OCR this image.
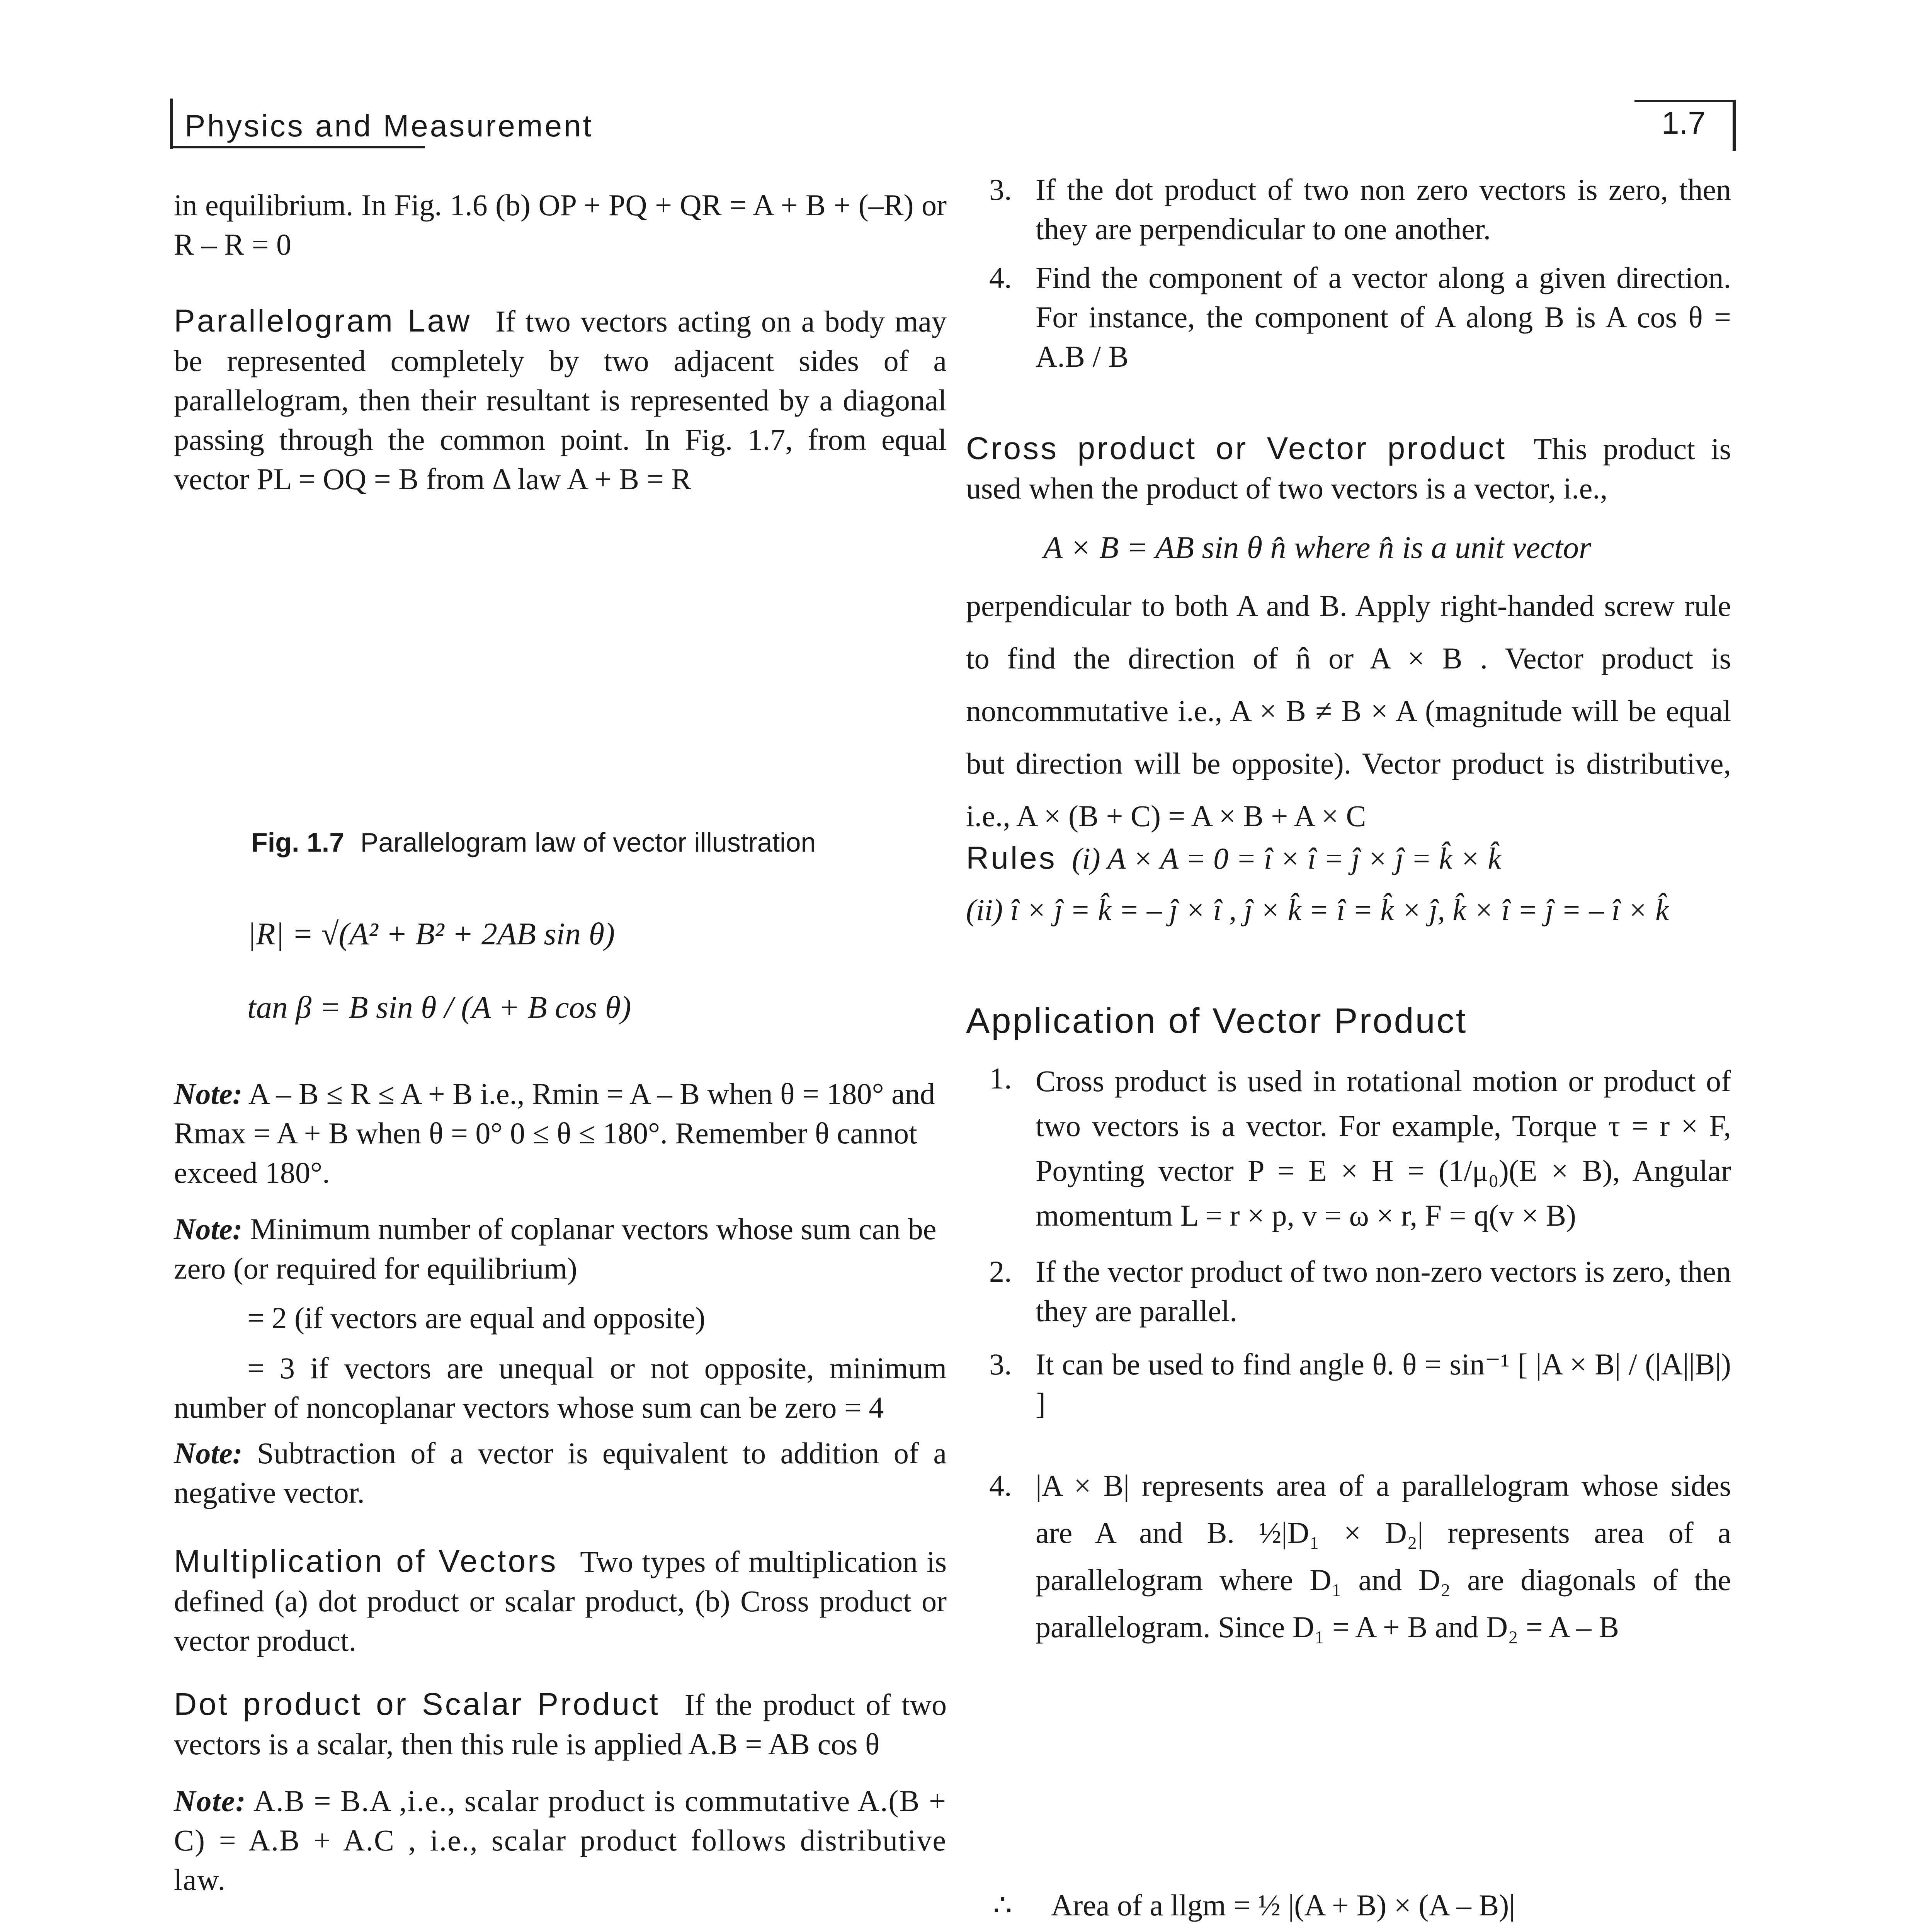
Physics and Measurement	1.7
in equilibrium. In Fig. 1.6 (b) OP + PQ + QR = A + B + (–R) or R – R = 0
Parallelogram Law If two vectors acting on a body may be represented completely by two adjacent sides of a parallelogram, then their resultant is represented by a diagonal passing through the common point. In Fig. 1.7, from equal vector PL = OQ = B from Δ law A + B = R
Fig. 1.7 Parallelogram law of vector illustration
|R| = √(A² + B² + 2AB sin θ)
tan β = B sin θ / (A + B cos θ)
Note: A – B ≤ R ≤ A + B i.e., Rmin = A – B when θ = 180° and Rmax = A + B when θ = 0° 0 ≤ θ ≤ 180°. Remember θ cannot exceed 180°.
Note: Minimum number of coplanar vectors whose sum can be zero (or required for equilibrium)
= 2 (if vectors are equal and opposite)
= 3 if vectors are unequal or not opposite, minimum number of noncoplanar vectors whose sum can be zero = 4
Note: Subtraction of a vector is equivalent to addition of a negative vector.
Multiplication of Vectors Two types of multiplication is defined (a) dot product or scalar product, (b) Cross product or vector product.
Dot product or Scalar Product If the product of two vectors is a scalar, then this rule is applied A.B = AB cos θ
Note: A.B = B.A ,i.e., scalar product is commutative A.(B + C) = A.B + A.C , i.e., scalar product follows distributive law.
3. If the dot product of two non zero vectors is zero, then they are perpendicular to one another.
4. Find the component of a vector along a given direction. For instance, the component of A along B is A cos θ = A.B / B
Cross product or Vector product This product is used when the product of two vectors is a vector, i.e.,
A × B = AB sin θ n̂ where n̂ is a unit vector
perpendicular to both A and B. Apply right-handed screw rule to find the direction of n̂ or A × B . Vector product is noncommutative i.e., A × B ≠ B × A (magnitude will be equal but direction will be opposite). Vector product is distributive, i.e., A × (B + C) = A × B + A × C
Rules (i) A × A = 0 = î × î = ĵ × ĵ = k̂ × k̂
(ii) î × ĵ = k̂ = – ĵ × î , ĵ × k̂ = î = k̂ × ĵ, k̂ × î = ĵ = – î × k̂
Application of Vector Product
1. Cross product is used in rotational motion or product of two vectors is a vector. For example, Torque τ = r × F, Poynting vector P = E × H = (1/μ₀)(E × B), Angular momentum L = r × p, v = ω × r, F = q(v × B)
2. If the vector product of two non-zero vectors is zero, then they are parallel.
3. It can be used to find angle θ. θ = sin⁻¹ [ |A × B| / (|A||B|) ]
4. |A × B| represents area of a parallelogram whose sides are A and B. ½|D₁ × D₂| represents area of a parallelogram where D₁ and D₂ are diagonals of the parallelogram. Since D₁ = A + B and D₂ = A – B
∴ Area of a llgm = ½ |(A + B) × (A – B)|
